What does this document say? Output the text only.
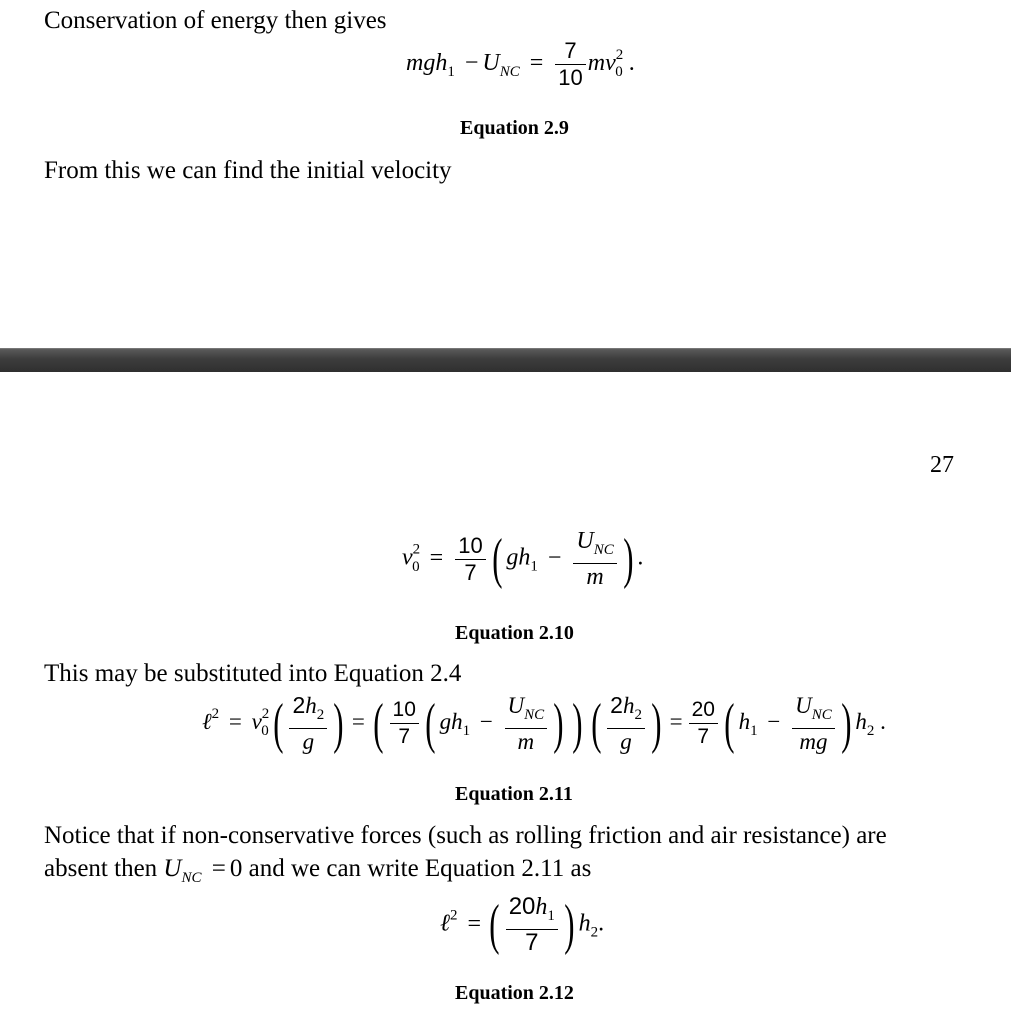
Conservation of energy then gives
$mgh_1 - U_{NC} = \frac{7}{10} mv^2_0$ .
Equation 2.9
From this we can find the initial velocity
27
$v^2_0 = \frac{10}{7}$ ( $gh_1 - \frac{U_{NC}}{m}$ ) .
Equation 2.10
This may be substituted into Equation 2.4
ℓ$^2$ = $v^2_0( \frac{2h_2}{g}$ ) = ( $\frac{10}{7}$ ( $gh_1 - \frac{U_{NC}}{m}$ ) ) ( $\frac{2h_2}{g}$ ) = $\frac{20}{7}$ ( $h_1 - \frac{U_{NC}}{mg}$ ) $h_2$ .
Equation 2.11
Notice that if non-conservative forces (such as rolling friction and air resistance) are
absent then $U_{NC} = 0$ and we can write Equation 2.11 as
ℓ$^2$ = ( $\frac{20h_1}{7}$ ) $h_2$.
Equation 2.12
